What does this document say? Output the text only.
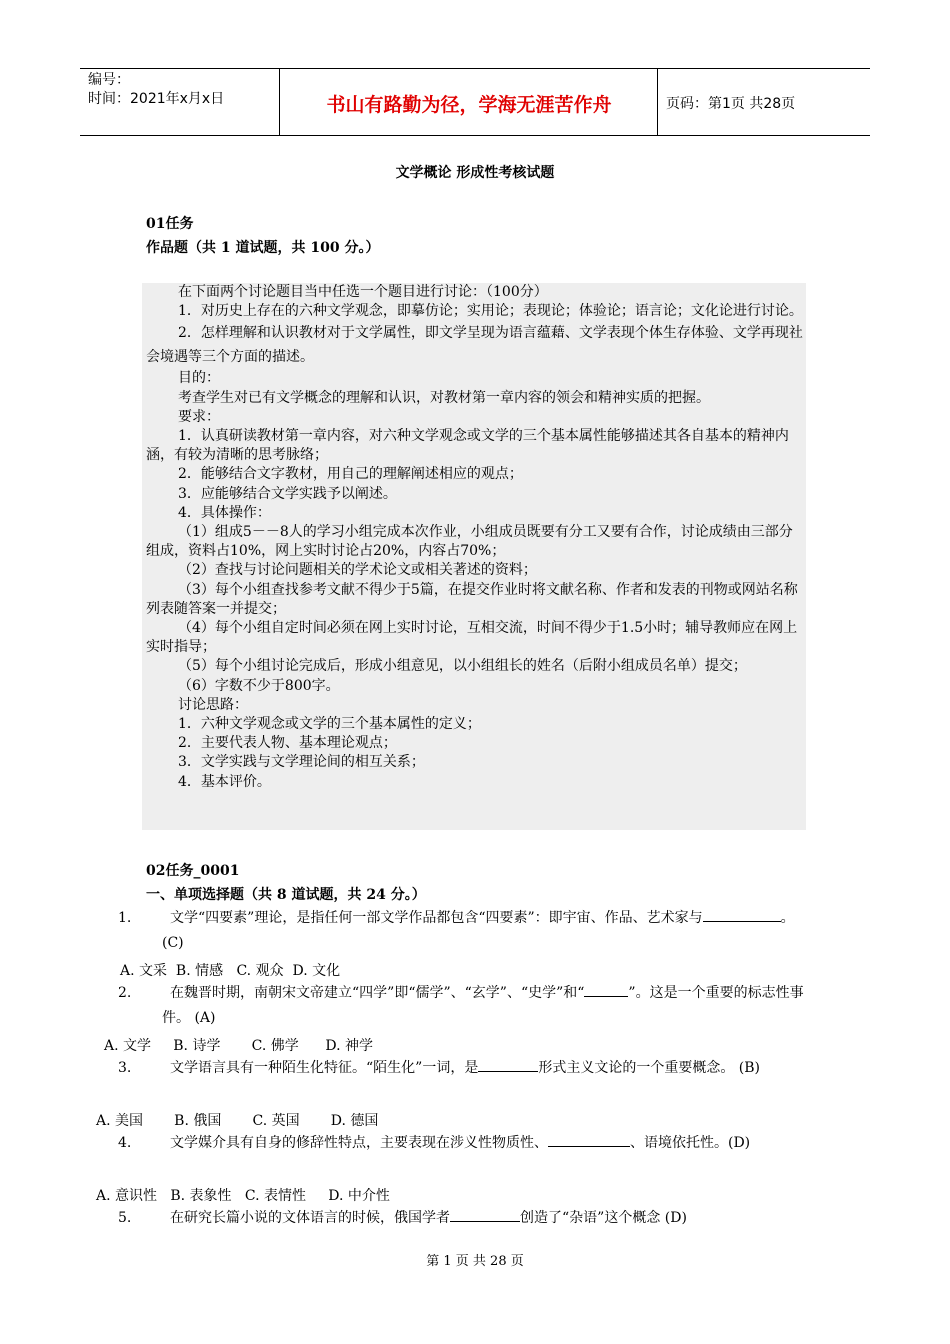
编号：
时间：2021年x月x日	书山有路勤为径，学海无涯苦作舟	页码：第1页 共28页
文学概论 形成性考核试题
01任务
作品题（共 1 道试题，共 100 分。）

在下面两个讨论题目当中任选一个题目进行讨论：（100分）

1．对历史上存在的六种文学观念，即摹仿论；实用论；表现论；体验论；语言论；文化论进行讨论。

2．怎样理解和认识教材对于文学属性，即文学呈现为语言蕴藉、文学表现个体生存体验、文学再现社会境遇等三个方面的描述。

目的：

考查学生对已有文学概念的理解和认识，对教材第一章内容的领会和精神实质的把握。

要求：

1．认真研读教材第一章内容，对六种文学观念或文学的三个基本属性能够描述其各自基本的精神内涵，有较为清晰的思考脉络；

2．能够结合文字教材，用自己的理解阐述相应的观点；

3．应能够结合文学实践予以阐述。

4．具体操作：

（1）组成5－－8人的学习小组完成本次作业，小组成员既要有分工又要有合作，讨论成绩由三部分组成，资料占10%，网上实时讨论占20%，内容占70%；

（2）查找与讨论问题相关的学术论文或相关著述的资料；

（3）每个小组查找参考文献不得少于5篇，在提交作业时将文献名称、作者和发表的刊物或网站名称列表随答案一并提交；

（4）每个小组自定时间必须在网上实时讨论，互相交流，时间不得少于1.5小时；辅导教师应在网上实时指导；

（5）每个小组讨论完成后，形成小组意见，以小组组长的姓名（后附小组成员名单）提交；

（6）字数不少于800字。

讨论思路：

1．六种文学观念或文学的三个基本属性的定义；

2．主要代表人物、基本理论观点；

3．文学实践与文学理论间的相互关系；

4．基本评价。

02任务_0001
一、单项选择题（共 8 道试题，共 24 分。）
1.	文学“四要素”理论，是指任何一部文学作品都包含“四要素”：即宇宙、作品、艺术家与	。 (C)
A. 文采  B. 情感   C. 观众  D. 文化
2.	在魏晋时期，南朝宋文帝建立“四学”即“儒学”、“玄学”、“史学”和“	”。这是一个重要的标志性事件。 (A)
A. 文学     B. 诗学       C. 佛学      D. 神学
3.	文学语言具有一种陌生化特征。“陌生化”一词，是	形式主义文论的一个重要概念。 (B)
A. 美国       B. 俄国       C. 英国       D. 德国
4.	文学媒介具有自身的修辞性特点，主要表现在涉义性物质性、	、语境依托性。(D)
A. 意识性   B. 表象性   C. 表情性     D. 中介性
5.	在研究长篇小说的文体语言的时候，俄国学者	创造了“杂语”这个概念 (D)
第 1 页 共 28 页
